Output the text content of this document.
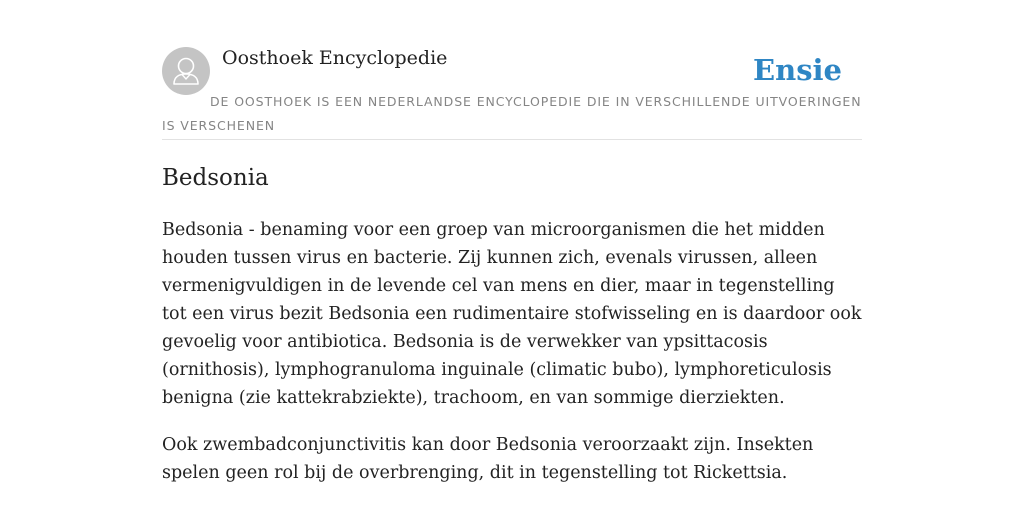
Oosthoek Encyclopedie	Ensie
DE OOSTHOEK IS EEN NEDERLANDSE ENCYCLOPEDIE DIE IN VERSCHILLENDE UITVOERINGEN IS VERSCHENEN
Bedsonia

Bedsonia - benaming voor een groep van microorganismen die het midden houden tussen virus en bacterie. Zij kunnen zich, evenals virussen, alleen vermenigvuldigen in de levende cel van mens en dier, maar in tegenstelling tot een virus bezit Bedsonia een rudimentaire stofwisseling en is daardoor ook gevoelig voor antibiotica. Bedsonia is de verwekker van ypsittacosis (ornithosis), lymphogranuloma inguinale (climatic bubo), lymphoreticulosis benigna (zie kattekrabziekte), trachoom, en van sommige dierziekten.

Ook zwembadconjunctivitis kan door Bedsonia veroorzaakt zijn. Insekten spelen geen rol bij de overbrenging, dit in tegenstelling tot Rickettsia.
